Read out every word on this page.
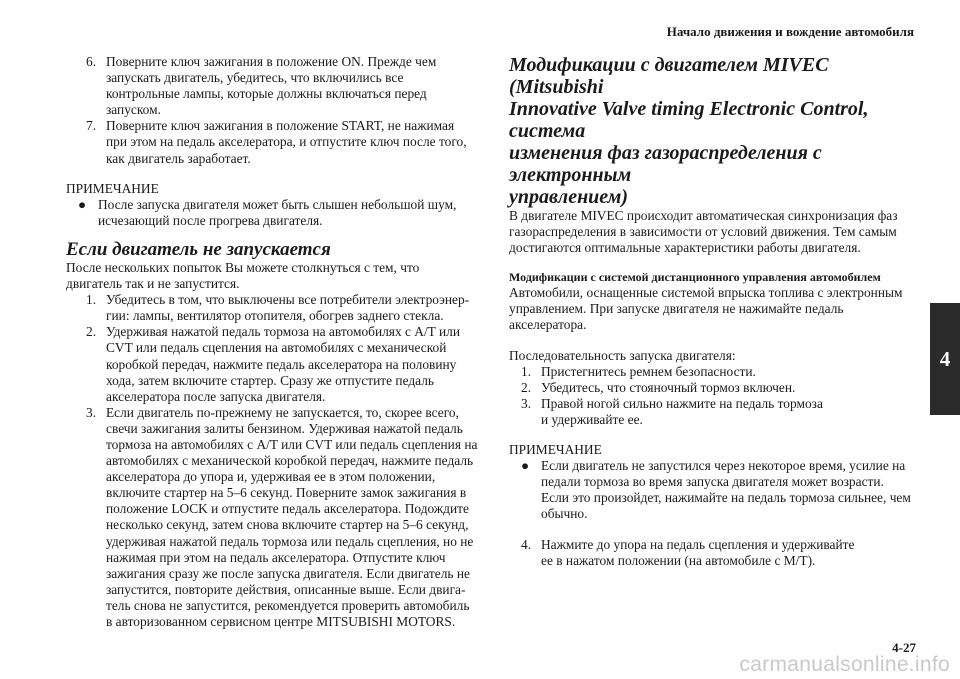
Начало движения и вождение автомобиля
6. Поверните ключ зажигания в положение ON. Прежде чем

запускать двигатель, убедитесь, что включились все

контрольные лампы, которые должны включаться перед

запуском.

7. Поверните ключ зажигания в положение START, не нажимая

при этом на педаль акселератора, и отпустите ключ после того,

как двигатель заработает.

ПРИМЕЧАНИЕ

● После запуска двигателя может быть слышен небольшой шум,

исчезающий после прогрева двигателя.

Если двигатель не запускается

После нескольких попыток Вы можете столкнуться с тем, что

двигатель так и не запустится.

1. Убедитесь в том, что выключены все потребители электроэнер-

гии: лампы, вентилятор отопителя, обогрев заднего стекла.

2. Удерживая нажатой педаль тормоза на автомобилях с A/T или

CVT или педаль сцепления на автомобилях с механической

коробкой передач, нажмите педаль акселератора на половину

хода, затем включите стартер. Сразу же отпустите педаль

акселератора после запуска двигателя.

3. Если двигатель по-прежнему не запускается, то, скорее всего,

свечи зажигания залиты бензином. Удерживая нажатой педаль

тормоза на автомобилях с A/T или CVT или педаль сцепления на

автомобилях с механической коробкой передач, нажмите педаль

акселератора до упора и, удерживая ее в этом положении,

включите стартер на 5–6 секунд. Поверните замок зажигания в

положение LOCK и отпустите педаль акселератора. Подождите

несколько секунд, затем снова включите стартер на 5–6 секунд,

удерживая нажатой педаль тормоза или педаль сцепления, но не

нажимая при этом на педаль акселератора. Отпустите ключ

зажигания сразу же после запуска двигателя. Если двигатель не

запустится, повторите действия, описанные выше. Если двига-

тель снова не запустится, рекомендуется проверить автомобиль

в авторизованном сервисном центре MITSUBISHI MOTORS.

Модификации с двигателем MIVEC (Mitsubishi
Innovative Valve timing Electronic Control, система
изменения фаз газораспределения с электронным
управлением)

В двигателе MIVEC происходит автоматическая синхронизация фаз

газораспределения в зависимости от условий движения. Тем самым

достигаются оптимальные характеристики работы двигателя.

Модификации с системой дистанционного управления автомобилем

Автомобили, оснащенные системой впрыска топлива с электронным

управлением. При запуске двигателя не нажимайте педаль

акселератора.

Последовательность запуска двигателя:

1. Пристегнитесь ремнем безопасности.

2. Убедитесь, что стояночный тормоз включен.

3. Правой ногой сильно нажмите на педаль тормоза

и удерживайте ее.

ПРИМЕЧАНИЕ

● Если двигатель не запустился через некоторое время, усилие на

педали тормоза во время запуска двигателя может возрасти.

Если это произойдет, нажимайте на педаль тормоза сильнее, чем

обычно.

4. Нажмите до упора на педаль сцепления и удерживайте

ее в нажатом положении (на автомобиле с M/T).

4
4-27
carmanualsonline.info
